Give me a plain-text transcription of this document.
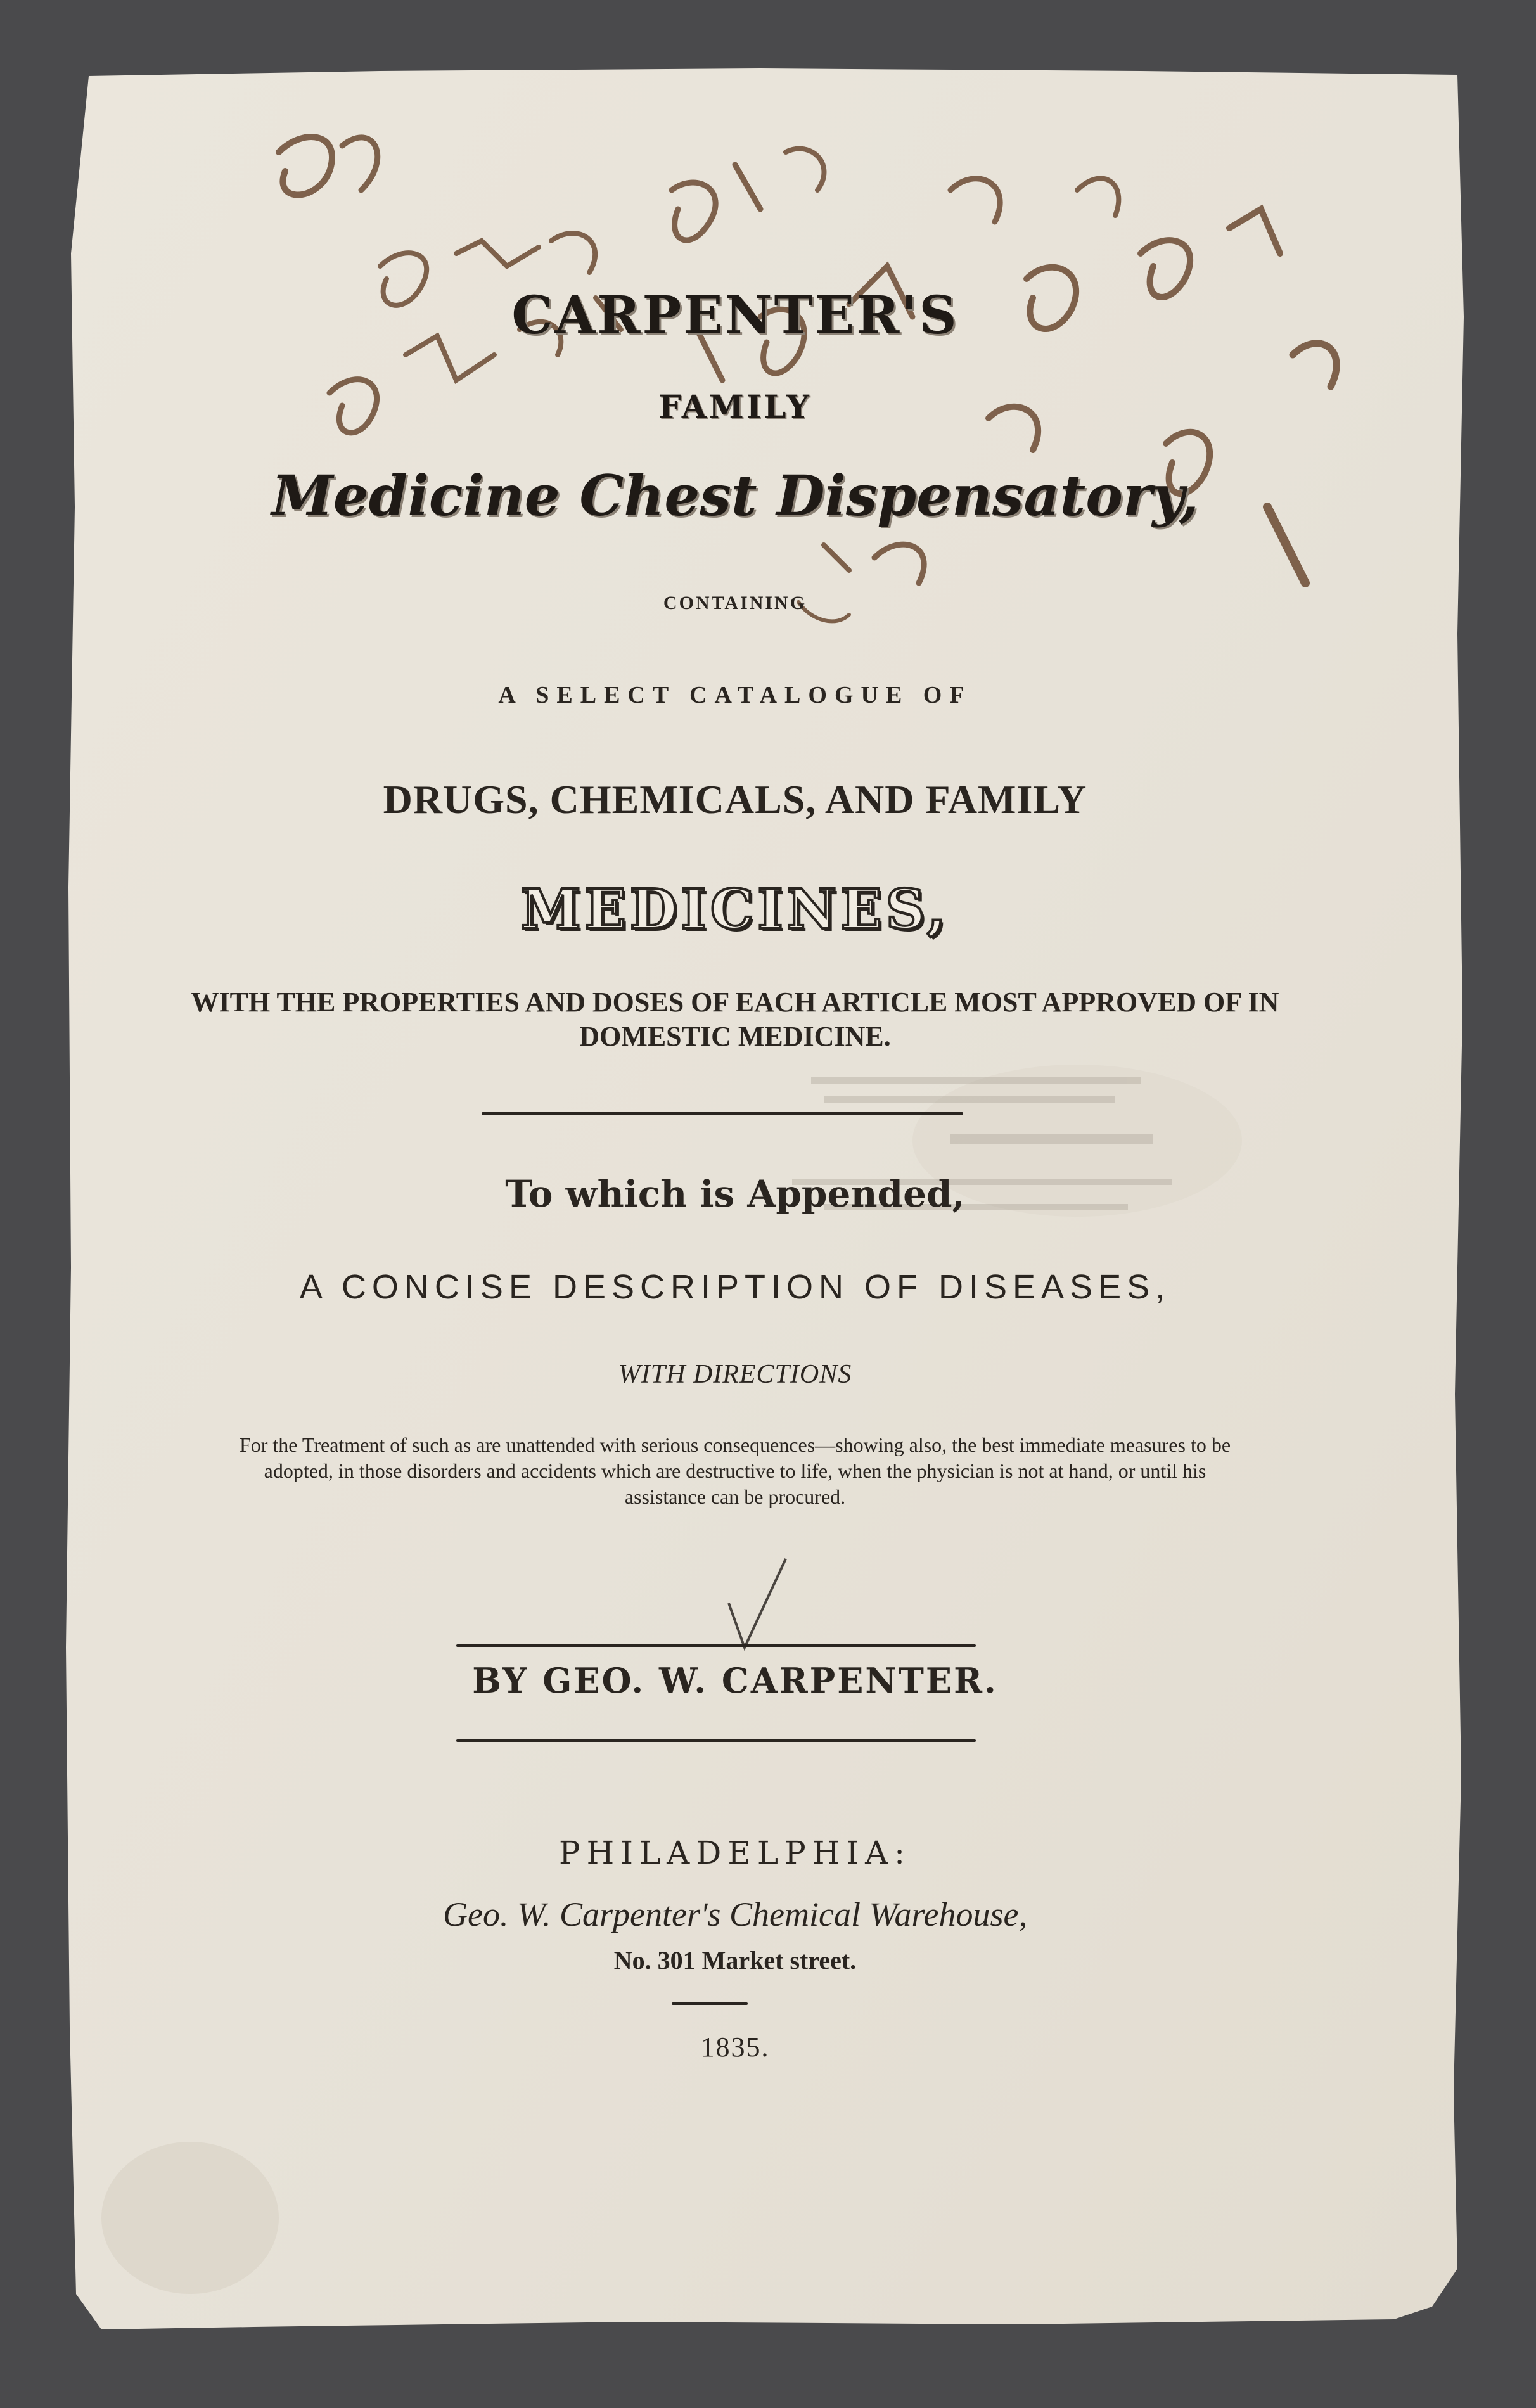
CARPENTER'S
FAMILY
Medicine Chest Dispensatory,
CONTAINING
A SELECT CATALOGUE OF
DRUGS, CHEMICALS, AND FAMILY
MEDICINES,
WITH THE PROPERTIES AND DOSES OF EACH ARTICLE MOST APPROVED OF IN DOMESTIC MEDICINE.
To which is Appended,
A CONCISE DESCRIPTION OF DISEASES,
WITH DIRECTIONS
For the Treatment of such as are unattended with serious consequences—showing also, the best immediate measures to be adopted, in those disorders and accidents which are destructive to life, when the physician is not at hand, or until his assistance can be procured.
BY GEO. W. CARPENTER.
PHILADELPHIA:
Geo. W. Carpenter's Chemical Warehouse,
No. 301 Market street.
1835.
